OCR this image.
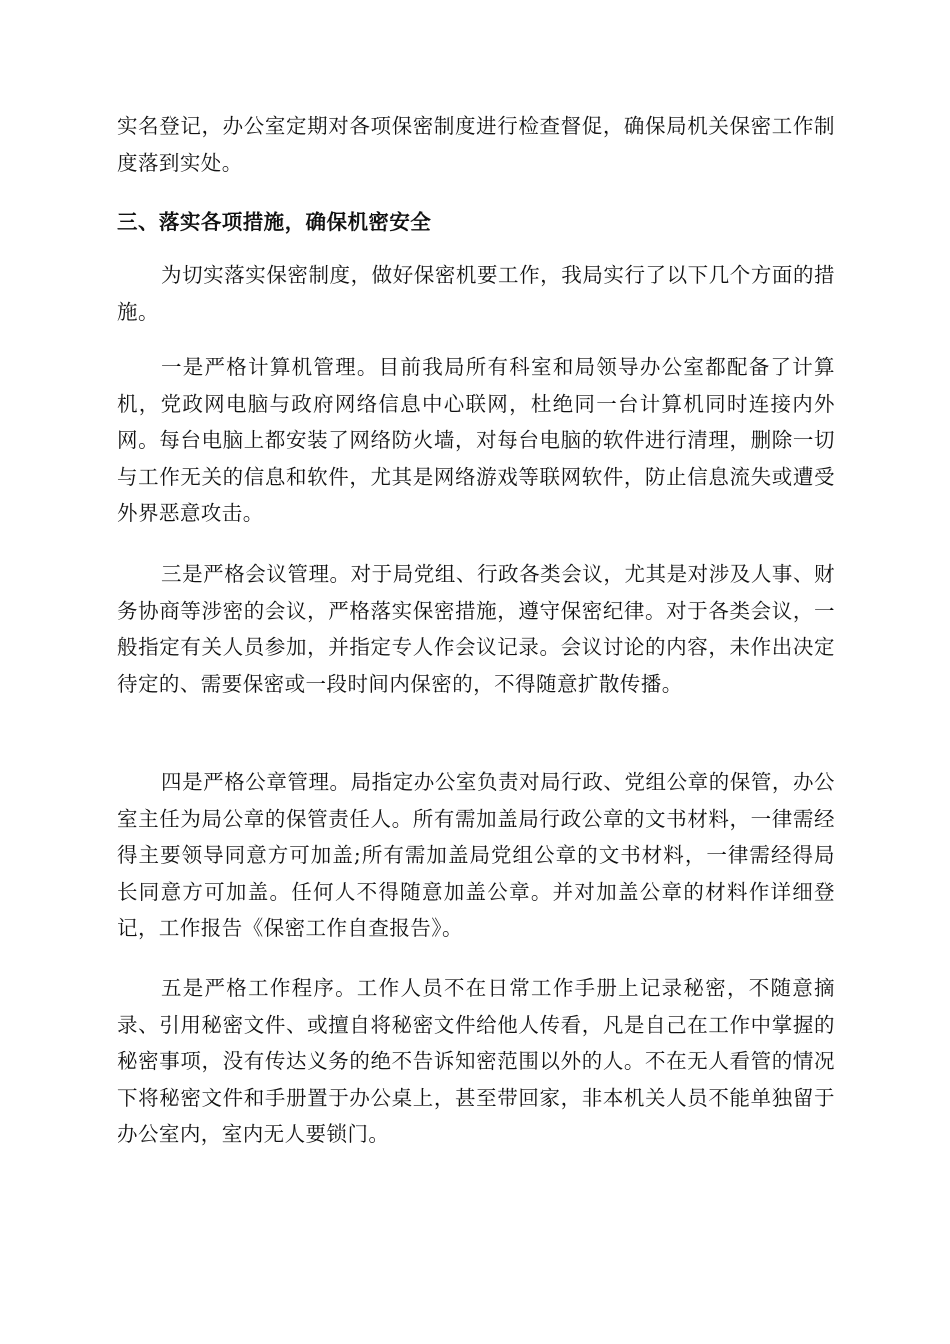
实名登记，办公室定期对各项保密制度进行检查督促，确保局机关保密工作制度落到实处。

三、落实各项措施，确保机密安全

为切实落实保密制度，做好保密机要工作，我局实行了以下几个方面的措施。

一是严格计算机管理。目前我局所有科室和局领导办公室都配备了计算机，党政网电脑与政府网络信息中心联网，杜绝同一台计算机同时连接内外网。每台电脑上都安装了网络防火墙，对每台电脑的软件进行清理，删除一切与工作无关的信息和软件，尤其是网络游戏等联网软件，防止信息流失或遭受外界恶意攻击。

三是严格会议管理。对于局党组、行政各类会议，尤其是对涉及人事、财务协商等涉密的会议，严格落实保密措施，遵守保密纪律。对于各类会议，一般指定有关人员参加，并指定专人作会议记录。会议讨论的内容，未作出决定待定的、需要保密或一段时间内保密的，不得随意扩散传播。

四是严格公章管理。局指定办公室负责对局行政、党组公章的保管，办公室主任为局公章的保管责任人。所有需加盖局行政公章的文书材料，一律需经得主要领导同意方可加盖;所有需加盖局党组公章的文书材料，一律需经得局长同意方可加盖。任何人不得随意加盖公章。并对加盖公章的材料作详细登记，工作报告《保密工作自查报告》。

五是严格工作程序。工作人员不在日常工作手册上记录秘密，不随意摘录、引用秘密文件、或擅自将秘密文件给他人传看，凡是自己在工作中掌握的秘密事项，没有传达义务的绝不告诉知密范围以外的人。不在无人看管的情况下将秘密文件和手册置于办公桌上，甚至带回家，非本机关人员不能单独留于办公室内，室内无人要锁门。
